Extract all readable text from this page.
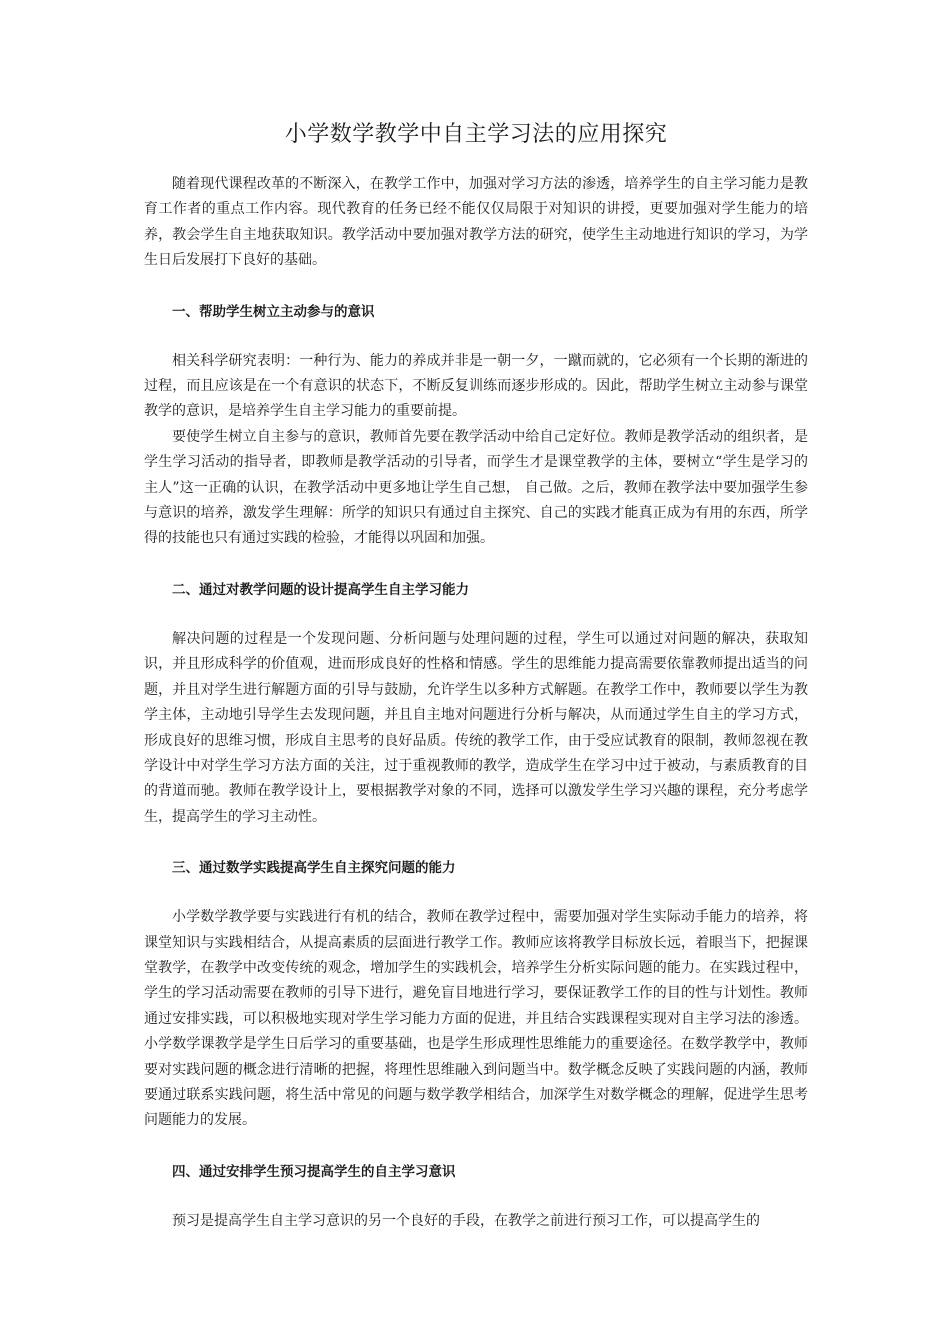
小学数学教学中自主学习法的应用探究

随着现代课程改革的不断深入，在教学工作中，加强对学习方法的渗透，培养学生的自主学习能力是教育工作者的重点工作内容。现代教育的任务已经不能仅仅局限于对知识的讲授，更要加强对学生能力的培养，教会学生自主地获取知识。教学活动中要加强对教学方法的研究，使学生主动地进行知识的学习，为学生日后发展打下良好的基础。

一、帮助学生树立主动参与的意识

相关科学研究表明：一种行为、能力的养成并非是一朝一夕，一蹴而就的，它必须有一个长期的渐进的过程，而且应该是在一个有意识的状态下，不断反复训练而逐步形成的。因此，帮助学生树立主动参与课堂教学的意识，是培养学生自主学习能力的重要前提。

要使学生树立自主参与的意识，教师首先要在教学活动中给自己定好位。教师是教学活动的组织者，是学生学习活动的指导者，即教师是教学活动的引导者，而学生才是课堂教学的主体，要树立“学生是学习的主人”这一正确的认识，在教学活动中更多地让学生自己想， 自己做。之后，教师在教学法中要加强学生参与意识的培养，激发学生理解：所学的知识只有通过自主探究、自己的实践才能真正成为有用的东西，所学得的技能也只有通过实践的检验，才能得以巩固和加强。

二、通过对教学问题的设计提高学生自主学习能力

解决问题的过程是一个发现问题、分析问题与处理问题的过程，学生可以通过对问题的解决，获取知识，并且形成科学的价值观，进而形成良好的性格和情感。学生的思维能力提高需要依靠教师提出适当的问题，并且对学生进行解题方面的引导与鼓励，允许学生以多种方式解题。在教学工作中，教师要以学生为教学主体，主动地引导学生去发现问题，并且自主地对问题进行分析与解决，从而通过学生自主的学习方式，形成良好的思维习惯，形成自主思考的良好品质。传统的教学工作，由于受应试教育的限制，教师忽视在教学设计中对学生学习方法方面的关注，过于重视教师的教学，造成学生在学习中过于被动，与素质教育的目的背道而驰。教师在教学设计上，要根据教学对象的不同，选择可以激发学生学习兴趣的课程，充分考虑学生，提高学生的学习主动性。

三、通过数学实践提高学生自主探究问题的能力

小学数学教学要与实践进行有机的结合，教师在教学过程中，需要加强对学生实际动手能力的培养，将课堂知识与实践相结合，从提高素质的层面进行教学工作。教师应该将教学目标放长远，着眼当下，把握课堂教学，在教学中改变传统的观念，增加学生的实践机会，培养学生分析实际问题的能力。在实践过程中，学生的学习活动需要在教师的引导下进行，避免盲目地进行学习，要保证教学工作的目的性与计划性。教师通过安排实践，可以积极地实现对学生学习能力方面的促进，并且结合实践课程实现对自主学习法的渗透。小学数学课教学是学生日后学习的重要基础，也是学生形成理性思维能力的重要途径。在数学教学中，教师要对实践问题的概念进行清晰的把握，将理性思维融入到问题当中。数学概念反映了实践问题的内涵，教师要通过联系实践问题，将生活中常见的问题与数学教学相结合，加深学生对数学概念的理解，促进学生思考问题能力的发展。

四、通过安排学生预习提高学生的自主学习意识

预习是提高学生自主学习意识的另一个良好的手段，在教学之前进行预习工作，可以提高学生的
